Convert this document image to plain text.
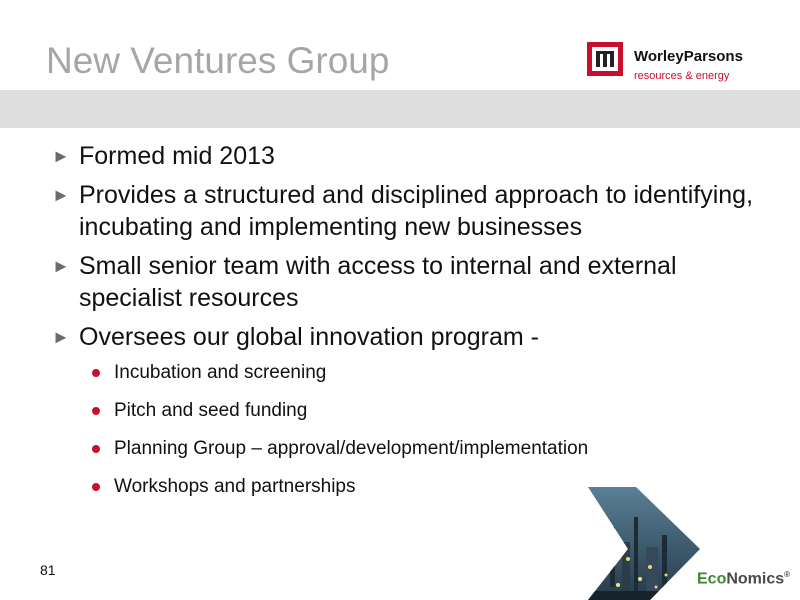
New Ventures Group	WorleyParsons
resources & energy
► Formed mid 2013
► Provides a structured and disciplined approach to identifying, incubating and implementing new businesses
► Small senior team with access to internal and external specialist resources
► Oversees our global innovation program -
Incubation and screening
Pitch and seed funding
Planning Group – approval/development/implementation
Workshops and partnerships
81
EcoNomics®
